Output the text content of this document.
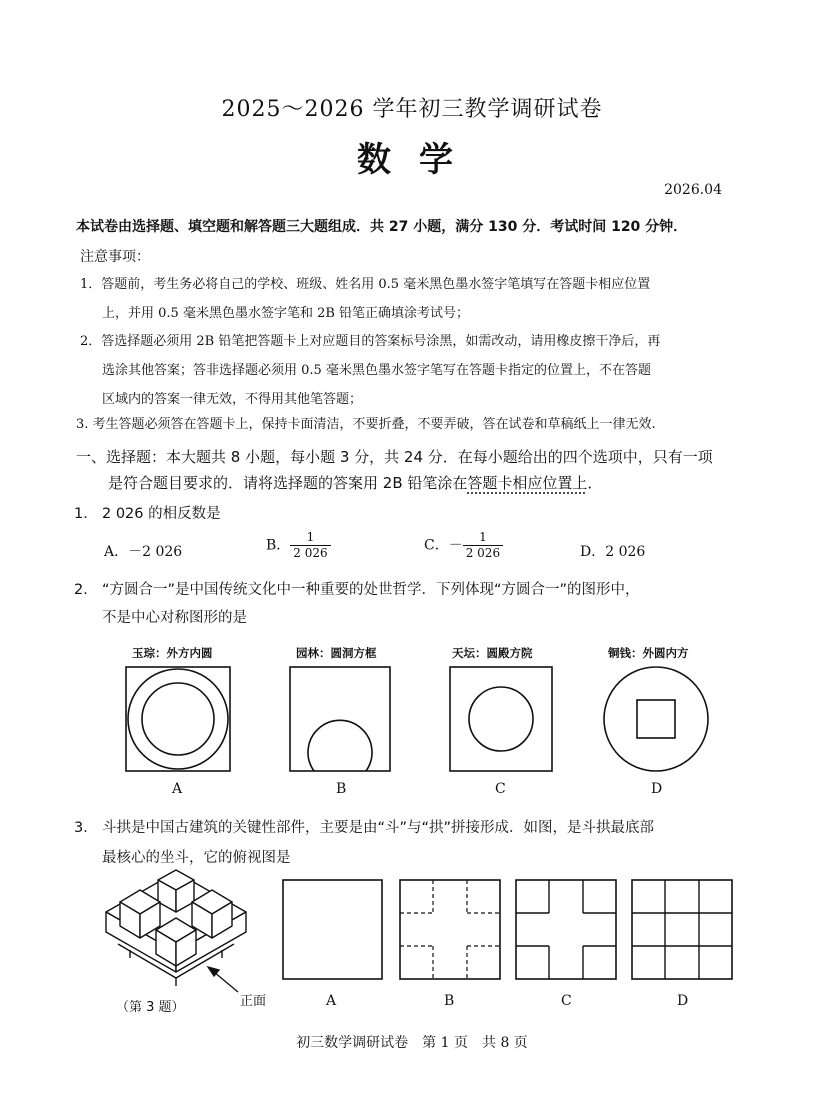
2025～2026 学年初三教学调研试卷
数学
2026.04
本试卷由选择题、填空题和解答题三大题组成．共 27 小题，满分 130 分．考试时间 120 分钟．
注意事项：
1．答题前，考生务必将自己的学校、班级、姓名用 0.5 毫米黑色墨水签字笔填写在答题卡相应位置
上，并用 0.5 毫米黑色墨水签字笔和 2B 铅笔正确填涂考试号；
2．答选择题必须用 2B 铅笔把答题卡上对应题目的答案标号涂黑，如需改动，请用橡皮擦干净后，再
选涂其他答案；答非选择题必须用 0.5 毫米黑色墨水签字笔写在答题卡指定的位置上，不在答题
区域内的答案一律无效，不得用其他笔答题；
3. 考生答题必须答在答题卡上，保持卡面清洁，不要折叠，不要弄破，答在试卷和草稿纸上一律无效.
一、选择题：本大题共 8 小题，每小题 3 分，共 24 分．在每小题给出的四个选项中，只有一项
是符合题目要求的．请将选择题的答案用 2B 铅笔涂在答题卡相应位置上．
1． 2 026 的相反数是
A．－2 026	B． $\frac{1}{2 026}$	C．－ $\frac{1}{2 026}$	D．2 026
2． “方圆合一”是中国传统文化中一种重要的处世哲学．下列体现“方圆合一”的图形中，
不是中心对称图形的是
玉琮：外方内圆	园林：圆洞方框	天坛：圆殿方院	铜钱：外圆内方
A	B	C	D
3． 斗拱是中国古建筑的关键性部件，主要是由“斗”与“拱”拼接形成．如图，是斗拱最底部
最核心的坐斗，它的俯视图是
（第 3 题）	正面	A	B	C	D
初三数学调研试卷　第 1 页　共 8 页
